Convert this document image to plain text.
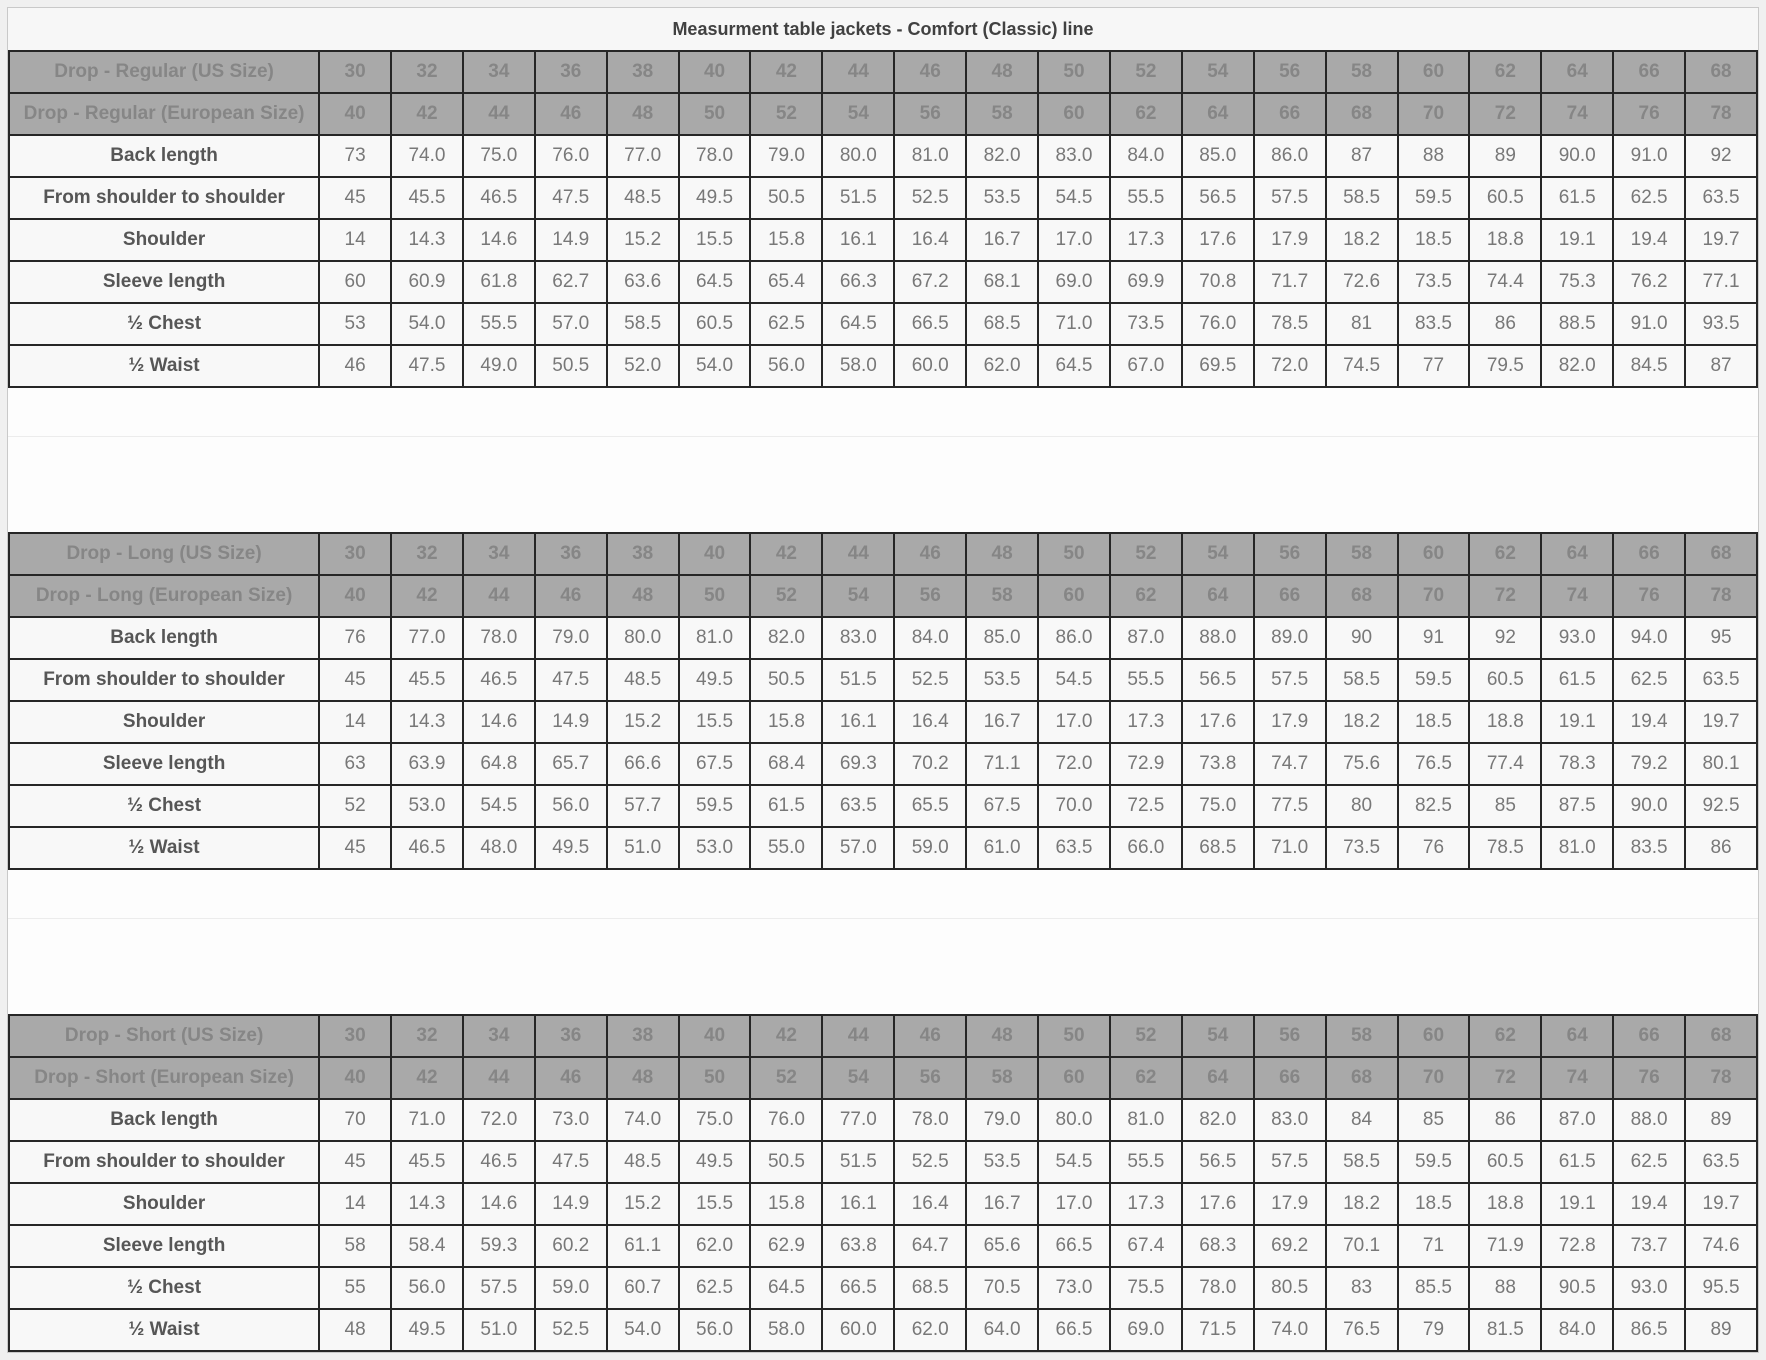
Measurment table jackets - Comfort (Classic) line
Drop - Regular (US Size)	30	32	34	36	38	40	42	44	46	48	50	52	54	56	58	60	62	64	66	68
Drop - Regular (European Size)	40	42	44	46	48	50	52	54	56	58	60	62	64	66	68	70	72	74	76	78
Back length	73	74.0	75.0	76.0	77.0	78.0	79.0	80.0	81.0	82.0	83.0	84.0	85.0	86.0	87	88	89	90.0	91.0	92
From shoulder to shoulder	45	45.5	46.5	47.5	48.5	49.5	50.5	51.5	52.5	53.5	54.5	55.5	56.5	57.5	58.5	59.5	60.5	61.5	62.5	63.5
Shoulder	14	14.3	14.6	14.9	15.2	15.5	15.8	16.1	16.4	16.7	17.0	17.3	17.6	17.9	18.2	18.5	18.8	19.1	19.4	19.7
Sleeve length	60	60.9	61.8	62.7	63.6	64.5	65.4	66.3	67.2	68.1	69.0	69.9	70.8	71.7	72.6	73.5	74.4	75.3	76.2	77.1
½ Chest	53	54.0	55.5	57.0	58.5	60.5	62.5	64.5	66.5	68.5	71.0	73.5	76.0	78.5	81	83.5	86	88.5	91.0	93.5
½ Waist	46	47.5	49.0	50.5	52.0	54.0	56.0	58.0	60.0	62.0	64.5	67.0	69.5	72.0	74.5	77	79.5	82.0	84.5	87
Drop - Long (US Size)	30	32	34	36	38	40	42	44	46	48	50	52	54	56	58	60	62	64	66	68
Drop - Long (European Size)	40	42	44	46	48	50	52	54	56	58	60	62	64	66	68	70	72	74	76	78
Back length	76	77.0	78.0	79.0	80.0	81.0	82.0	83.0	84.0	85.0	86.0	87.0	88.0	89.0	90	91	92	93.0	94.0	95
From shoulder to shoulder	45	45.5	46.5	47.5	48.5	49.5	50.5	51.5	52.5	53.5	54.5	55.5	56.5	57.5	58.5	59.5	60.5	61.5	62.5	63.5
Shoulder	14	14.3	14.6	14.9	15.2	15.5	15.8	16.1	16.4	16.7	17.0	17.3	17.6	17.9	18.2	18.5	18.8	19.1	19.4	19.7
Sleeve length	63	63.9	64.8	65.7	66.6	67.5	68.4	69.3	70.2	71.1	72.0	72.9	73.8	74.7	75.6	76.5	77.4	78.3	79.2	80.1
½ Chest	52	53.0	54.5	56.0	57.7	59.5	61.5	63.5	65.5	67.5	70.0	72.5	75.0	77.5	80	82.5	85	87.5	90.0	92.5
½ Waist	45	46.5	48.0	49.5	51.0	53.0	55.0	57.0	59.0	61.0	63.5	66.0	68.5	71.0	73.5	76	78.5	81.0	83.5	86
Drop - Short (US Size)	30	32	34	36	38	40	42	44	46	48	50	52	54	56	58	60	62	64	66	68
Drop - Short (European Size)	40	42	44	46	48	50	52	54	56	58	60	62	64	66	68	70	72	74	76	78
Back length	70	71.0	72.0	73.0	74.0	75.0	76.0	77.0	78.0	79.0	80.0	81.0	82.0	83.0	84	85	86	87.0	88.0	89
From shoulder to shoulder	45	45.5	46.5	47.5	48.5	49.5	50.5	51.5	52.5	53.5	54.5	55.5	56.5	57.5	58.5	59.5	60.5	61.5	62.5	63.5
Shoulder	14	14.3	14.6	14.9	15.2	15.5	15.8	16.1	16.4	16.7	17.0	17.3	17.6	17.9	18.2	18.5	18.8	19.1	19.4	19.7
Sleeve length	58	58.4	59.3	60.2	61.1	62.0	62.9	63.8	64.7	65.6	66.5	67.4	68.3	69.2	70.1	71	71.9	72.8	73.7	74.6
½ Chest	55	56.0	57.5	59.0	60.7	62.5	64.5	66.5	68.5	70.5	73.0	75.5	78.0	80.5	83	85.5	88	90.5	93.0	95.5
½ Waist	48	49.5	51.0	52.5	54.0	56.0	58.0	60.0	62.0	64.0	66.5	69.0	71.5	74.0	76.5	79	81.5	84.0	86.5	89
